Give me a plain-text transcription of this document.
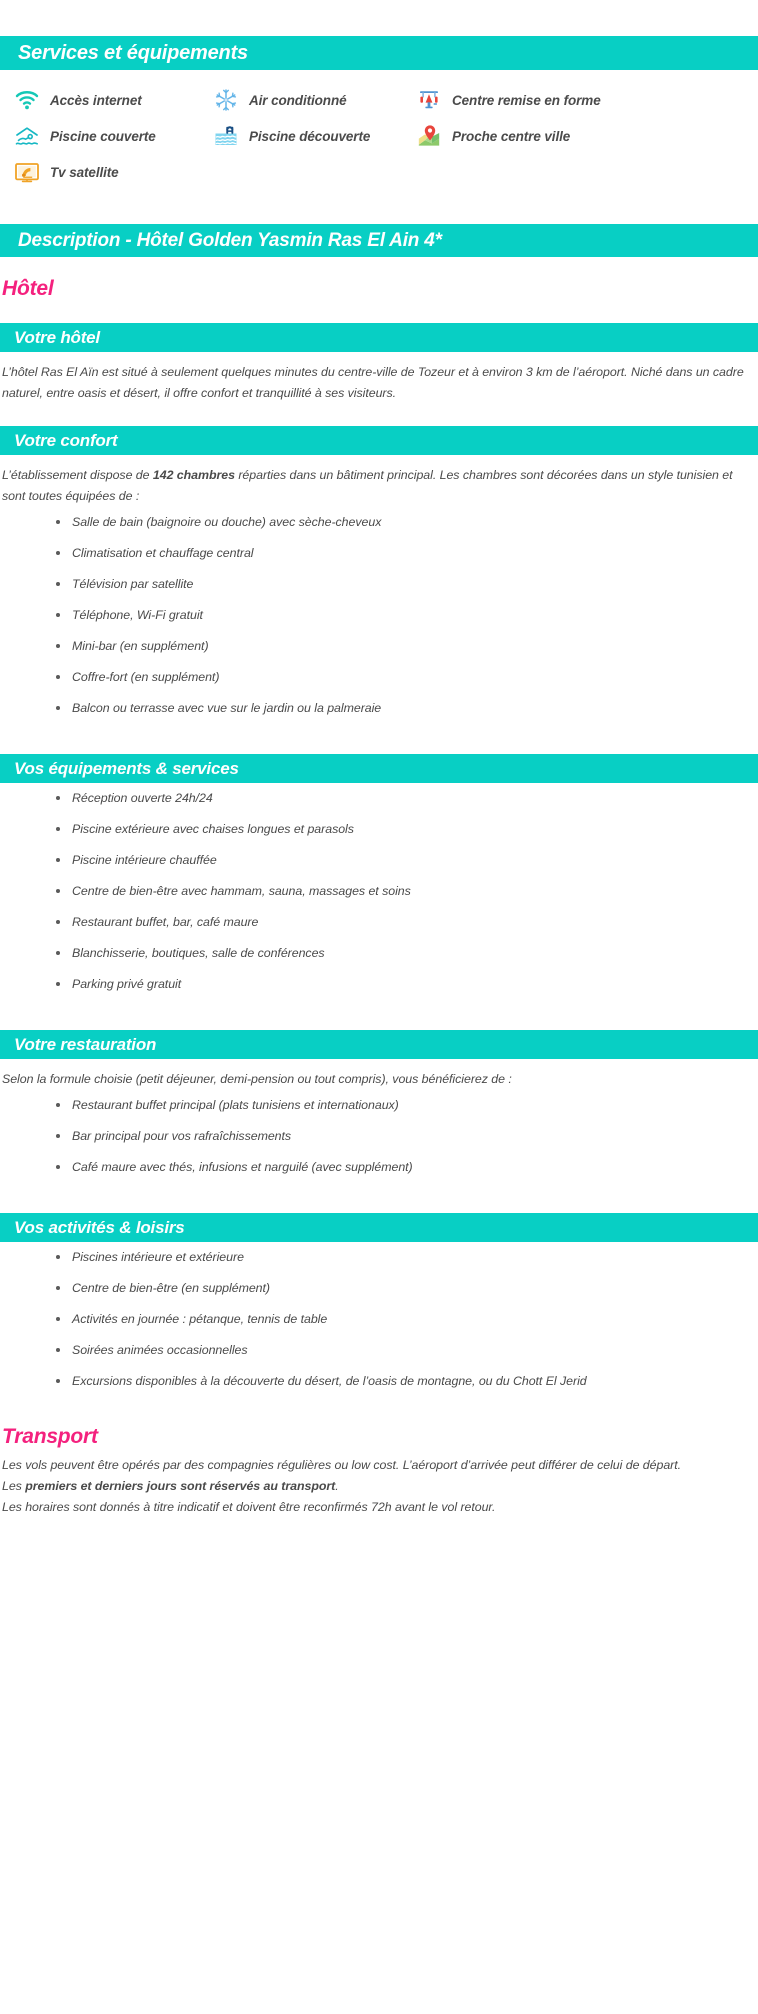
Services et équipements
Accès internet	Air conditionné	Centre remise en forme
Piscine couverte	Piscine découverte	Proche centre ville
Tv satellite
Description - Hôtel Golden Yasmin Ras El Ain 4*
Hôtel
Votre hôtel

L’hôtel Ras El Aïn est situé à seulement quelques minutes du centre-ville de Tozeur et à environ 3 km de l’aéroport. Niché dans un cadre naturel, entre oasis et désert, il offre confort et tranquillité à ses visiteurs.

Votre confort

L’établissement dispose de 142 chambres réparties dans un bâtiment principal. Les chambres sont décorées dans un style tunisien et sont toutes équipées de :

Salle de bain (baignoire ou douche) avec sèche-cheveux
Climatisation et chauffage central
Télévision par satellite
Téléphone, Wi-Fi gratuit
Mini-bar (en supplément)
Coffre-fort (en supplément)
Balcon ou terrasse avec vue sur le jardin ou la palmeraie
Vos équipements & services
Réception ouverte 24h/24
Piscine extérieure avec chaises longues et parasols
Piscine intérieure chauffée
Centre de bien-être avec hammam, sauna, massages et soins
Restaurant buffet, bar, café maure
Blanchisserie, boutiques, salle de conférences
Parking privé gratuit
Votre restauration

Selon la formule choisie (petit déjeuner, demi-pension ou tout compris), vous bénéficierez de :

Restaurant buffet principal (plats tunisiens et internationaux)
Bar principal pour vos rafraîchissements
Café maure avec thés, infusions et narguilé (avec supplément)
Vos activités & loisirs
Piscines intérieure et extérieure
Centre de bien-être (en supplément)
Activités en journée : pétanque, tennis de table
Soirées animées occasionnelles
Excursions disponibles à la découverte du désert, de l’oasis de montagne, ou du Chott El Jerid
Transport
Les vols peuvent être opérés par des compagnies régulières ou low cost. L’aéroport d’arrivée peut différer de celui de départ.
Les premiers et derniers jours sont réservés au transport.
Les horaires sont donnés à titre indicatif et doivent être reconfirmés 72h avant le vol retour.
